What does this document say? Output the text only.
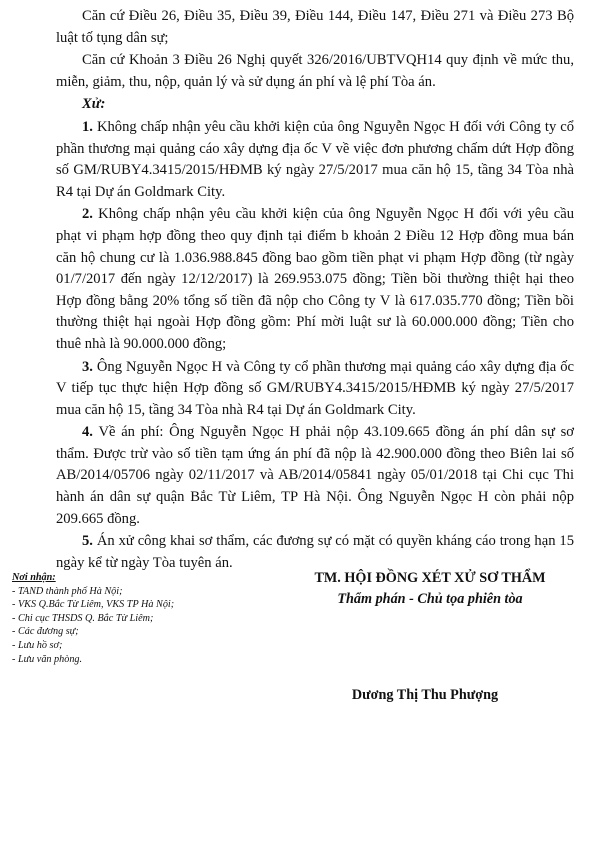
Căn cứ Điều 26, Điều 35, Điều 39, Điều 144, Điều 147, Điều 271 và Điều 273 Bộ luật tố tụng dân sự;

Căn cứ Khoản 3 Điều 26 Nghị quyết 326/2016/UBTVQH14 quy định về mức thu, miễn, giảm, thu, nộp, quản lý và sử dụng án phí và lệ phí Tòa án.

Xử:

1. Không chấp nhận yêu cầu khởi kiện của ông Nguyễn Ngọc H đối với Công ty cổ phần thương mại quảng cáo xây dựng địa ốc V về việc đơn phương chấm dứt Hợp đồng số GM/RUBY4.3415/2015/HĐMB ký ngày 27/5/2017 mua căn hộ 15, tầng 34 Tòa nhà R4 tại Dự án Goldmark City.

2. Không chấp nhận yêu cầu khởi kiện của ông Nguyễn Ngọc H đối với yêu cầu phạt vi phạm hợp đồng theo quy định tại điểm b khoản 2 Điều 12 Hợp đồng mua bán căn hộ chung cư là 1.036.988.845 đồng bao gồm tiền phạt vi phạm Hợp đồng (từ ngày 01/7/2017 đến ngày 12/12/2017) là 269.953.075 đồng; Tiền bồi thường thiệt hại theo Hợp đồng bằng 20% tổng số tiền đã nộp cho Công ty V là 617.035.770 đồng; Tiền bồi thường thiệt hại ngoài Hợp đồng gồm: Phí mời luật sư là 60.000.000 đồng; Tiền cho thuê nhà là 90.000.000 đồng;

3. Ông Nguyễn Ngọc H và Công ty cổ phần thương mại quảng cáo xây dựng địa ốc V tiếp tục thực hiện Hợp đồng số GM/RUBY4.3415/2015/HĐMB ký ngày 27/5/2017 mua căn hộ 15, tầng 34 Tòa nhà R4 tại Dự án Goldmark City.

4. Về án phí: Ông Nguyễn Ngọc H phải nộp 43.109.665 đồng án phí dân sự sơ thẩm. Được trừ vào số tiền tạm ứng án phí đã nộp là 42.900.000 đồng theo Biên lai số AB/2014/05706 ngày 02/11/2017 và AB/2014/05841 ngày 05/01/2018 tại Chi cục Thi hành án dân sự quận Bắc Từ Liêm, TP Hà Nội. Ông Nguyễn Ngọc H còn phải nộp 209.665 đồng.

5. Án xử công khai sơ thẩm, các đương sự có mặt có quyền kháng cáo trong hạn 15 ngày kể từ ngày Tòa tuyên án.

Nơi nhận:
- TAND thành phố Hà Nội;
- VKS Q.Bắc Từ Liêm, VKS TP Hà Nội;
- Chi cục THSDS Q. Bắc Từ Liêm;
- Các đương sự;
- Lưu hồ sơ;
- Lưu văn phòng.
TM. HỘI ĐỒNG XÉT XỬ SƠ THẨM
Thẩm phán - Chủ tọa phiên tòa
Dương Thị Thu Phượng
